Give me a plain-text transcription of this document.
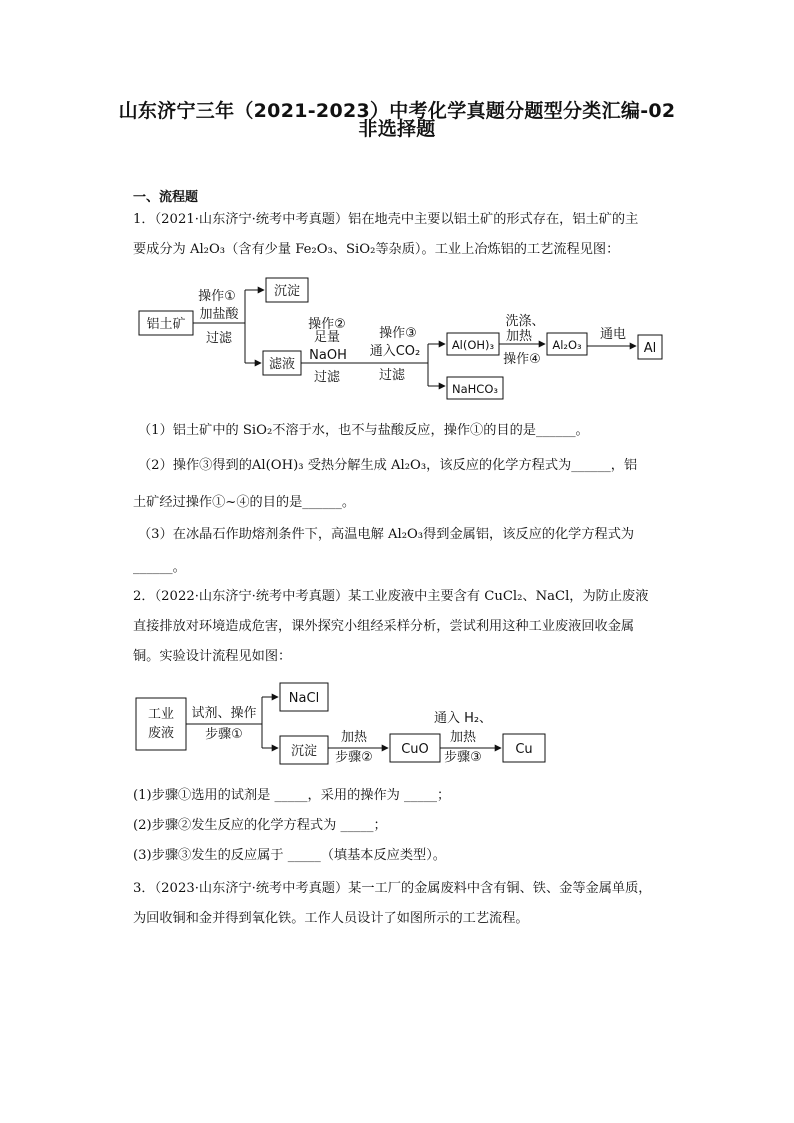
山东济宁三年（2021-2023）中考化学真题分题型分类汇编-02
非选择题
一、流程题
1．（2021·山东济宁·统考中考真题）铝在地壳中主要以铝土矿的形式存在，铝土矿的主
要成分为 Al₂O₃（含有少量 Fe₂O₃、SiO₂等杂质）。工业上冶炼铝的工艺流程见图：
铝土矿
沉淀
滤液
Al(OH)₃	Al₂O₃	Al
NaHCO₃
操作①
加盐酸
过滤
操作②
足量
NaOH
过滤
操作③
通入CO₂
过滤
洗涤、
加热
操作④
通电
（1）铝土矿中的 SiO₂不溶于水，也不与盐酸反应，操作①的目的是______。
（2）操作③得到的Al(OH)₃ 受热分解生成 Al₂O₃，该反应的化学方程式为______，铝
土矿经过操作①~④的目的是______。
（3）在冰晶石作助熔剂条件下，高温电解 Al₂O₃得到金属铝，该反应的化学方程式为
______。
2．（2022·山东济宁·统考中考真题）某工业废液中主要含有 CuCl₂、NaCl，为防止废液
直接排放对环境造成危害，课外探究小组经采样分析，尝试利用这种工业废液回收金属
铜。实验设计流程见如图：
工业
废液
NaCl
沉淀	CuO	Cu
试剂、操作
步骤①	加热
步骤②
通入 H₂、
加热
步骤③
(1)步骤①选用的试剂是 _____，采用的操作为 _____；
(2)步骤②发生反应的化学方程式为 _____；
(3)步骤③发生的反应属于 _____（填基本反应类型）。
3．（2023·山东济宁·统考中考真题）某一工厂的金属废料中含有铜、铁、金等金属单质，
为回收铜和金并得到氧化铁。工作人员设计了如图所示的工艺流程。
